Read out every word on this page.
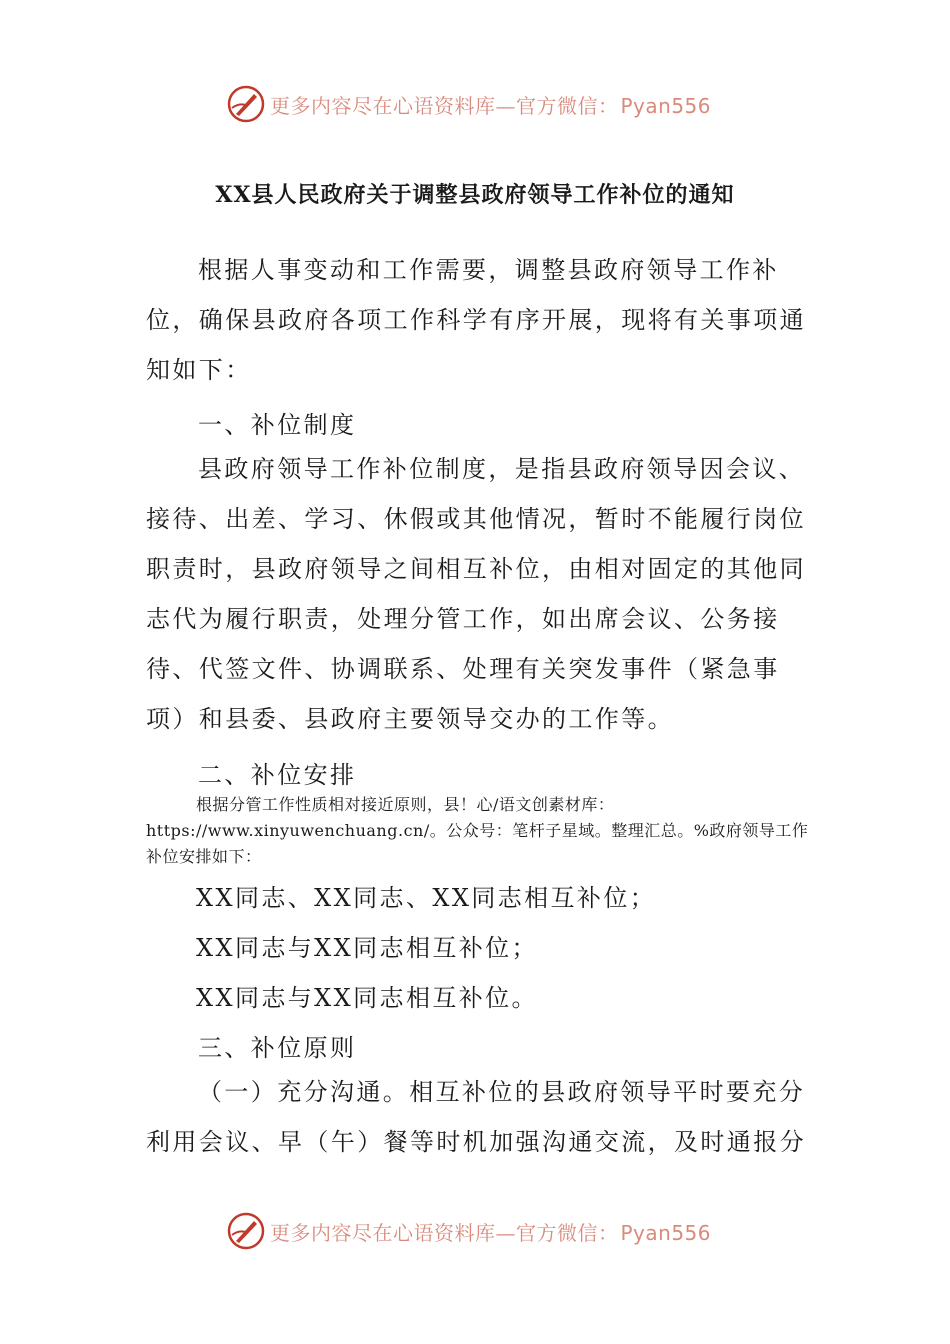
更多内容尽在心语资料库—官方微信： Pyan556
XX县人民政府关于调整县政府领导工作补位的通知

根据人事变动和工作需要，调整县政府领导工作补位，确保县政府各项工作科学有序开展，现将有关事项通知如下：

一、补位制度

县政府领导工作补位制度，是指县政府领导因会议、接待、出差、学习、休假或其他情况，暂时不能履行岗位职责时，县政府领导之间相互补位，由相对固定的其他同志代为履行职责，处理分管工作，如出席会议、公务接待、代签文件、协调联系、处理有关突发事件（紧急事项）和县委、县政府主要领导交办的工作等。

二、补位安排

根据分管工作性质相对接近原则，县！心/语文创素材库：https://www.xinyuwenchuang.cn/。公众号：笔杆子星域。整理汇总。%政府领导工作补位安排如下：

XX同志、XX同志、XX同志相互补位；
XX同志与XX同志相互补位；
XX同志与XX同志相互补位。
三、补位原则

（一）充分沟通。相互补位的县政府领导平时要充分利用会议、早（午）餐等时机加强沟通交流，及时通报分

更多内容尽在心语资料库—官方微信： Pyan556
